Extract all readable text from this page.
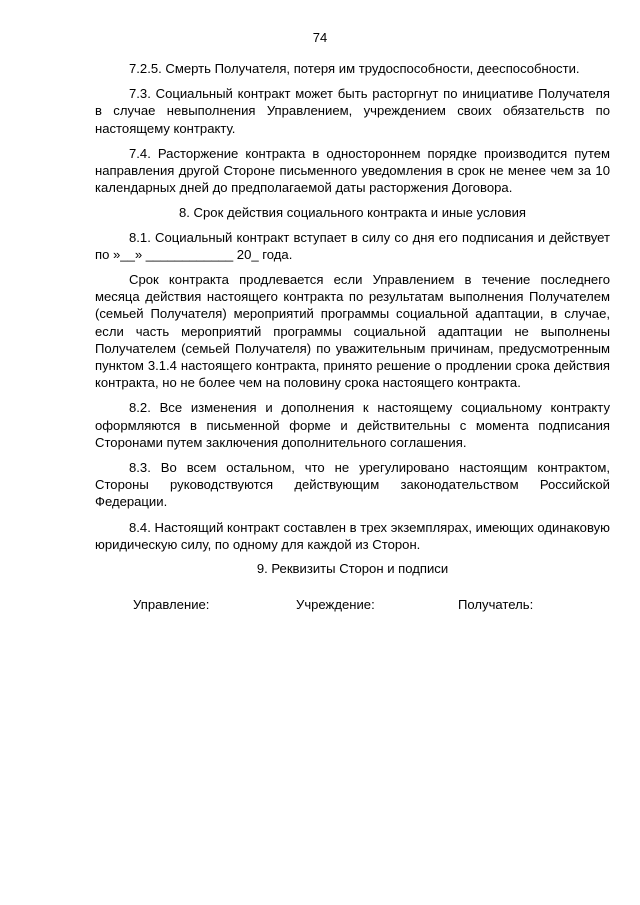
74

7.2.5. Смерть Получателя, потеря им трудоспособности, дееспособности.

7.3. Социальный контракт может быть расторгнут по инициативе Получателя в случае невыполнения Управлением, учреждением своих обязательств по настоящему контракту.

7.4. Расторжение контракта в одностороннем порядке производится путем направления другой Стороне письменного уведомления в срок не менее чем за 10 календарных дней до предполагаемой даты расторжения Договора.

8. Срок действия социального контракта и иные условия

8.1. Социальный контракт вступает в силу со дня его подписания и действует по »__» ____________ 20_ года.

Срок контракта продлевается если Управлением в течение последнего месяца действия настоящего контракта по результатам выполнения Получателем (семьей Получателя) мероприятий программы социальной адаптации, в случае, если часть мероприятий программы социальной адаптации не выполнены Получателем (семьей Получателя) по уважительным причинам, предусмотренным пунктом 3.1.4 настоящего контракта, принято решение о продлении срока действия контракта, но не более чем на половину срока настоящего контракта.

8.2. Все изменения и дополнения к настоящему социальному контракту оформляются в письменной форме и действительны с момента подписания Сторонами путем заключения дополнительного соглашения.

8.3. Во всем остальном, что не урегулировано настоящим контрактом, Стороны руководствуются действующим законодательством Российской Федерации.

8.4. Настоящий контракт составлен в трех экземплярах, имеющих одинаковую юридическую силу, по одному для каждой из Сторон.

9. Реквизиты Сторон и подписи
Управление:	Учреждение:	Получатель:
